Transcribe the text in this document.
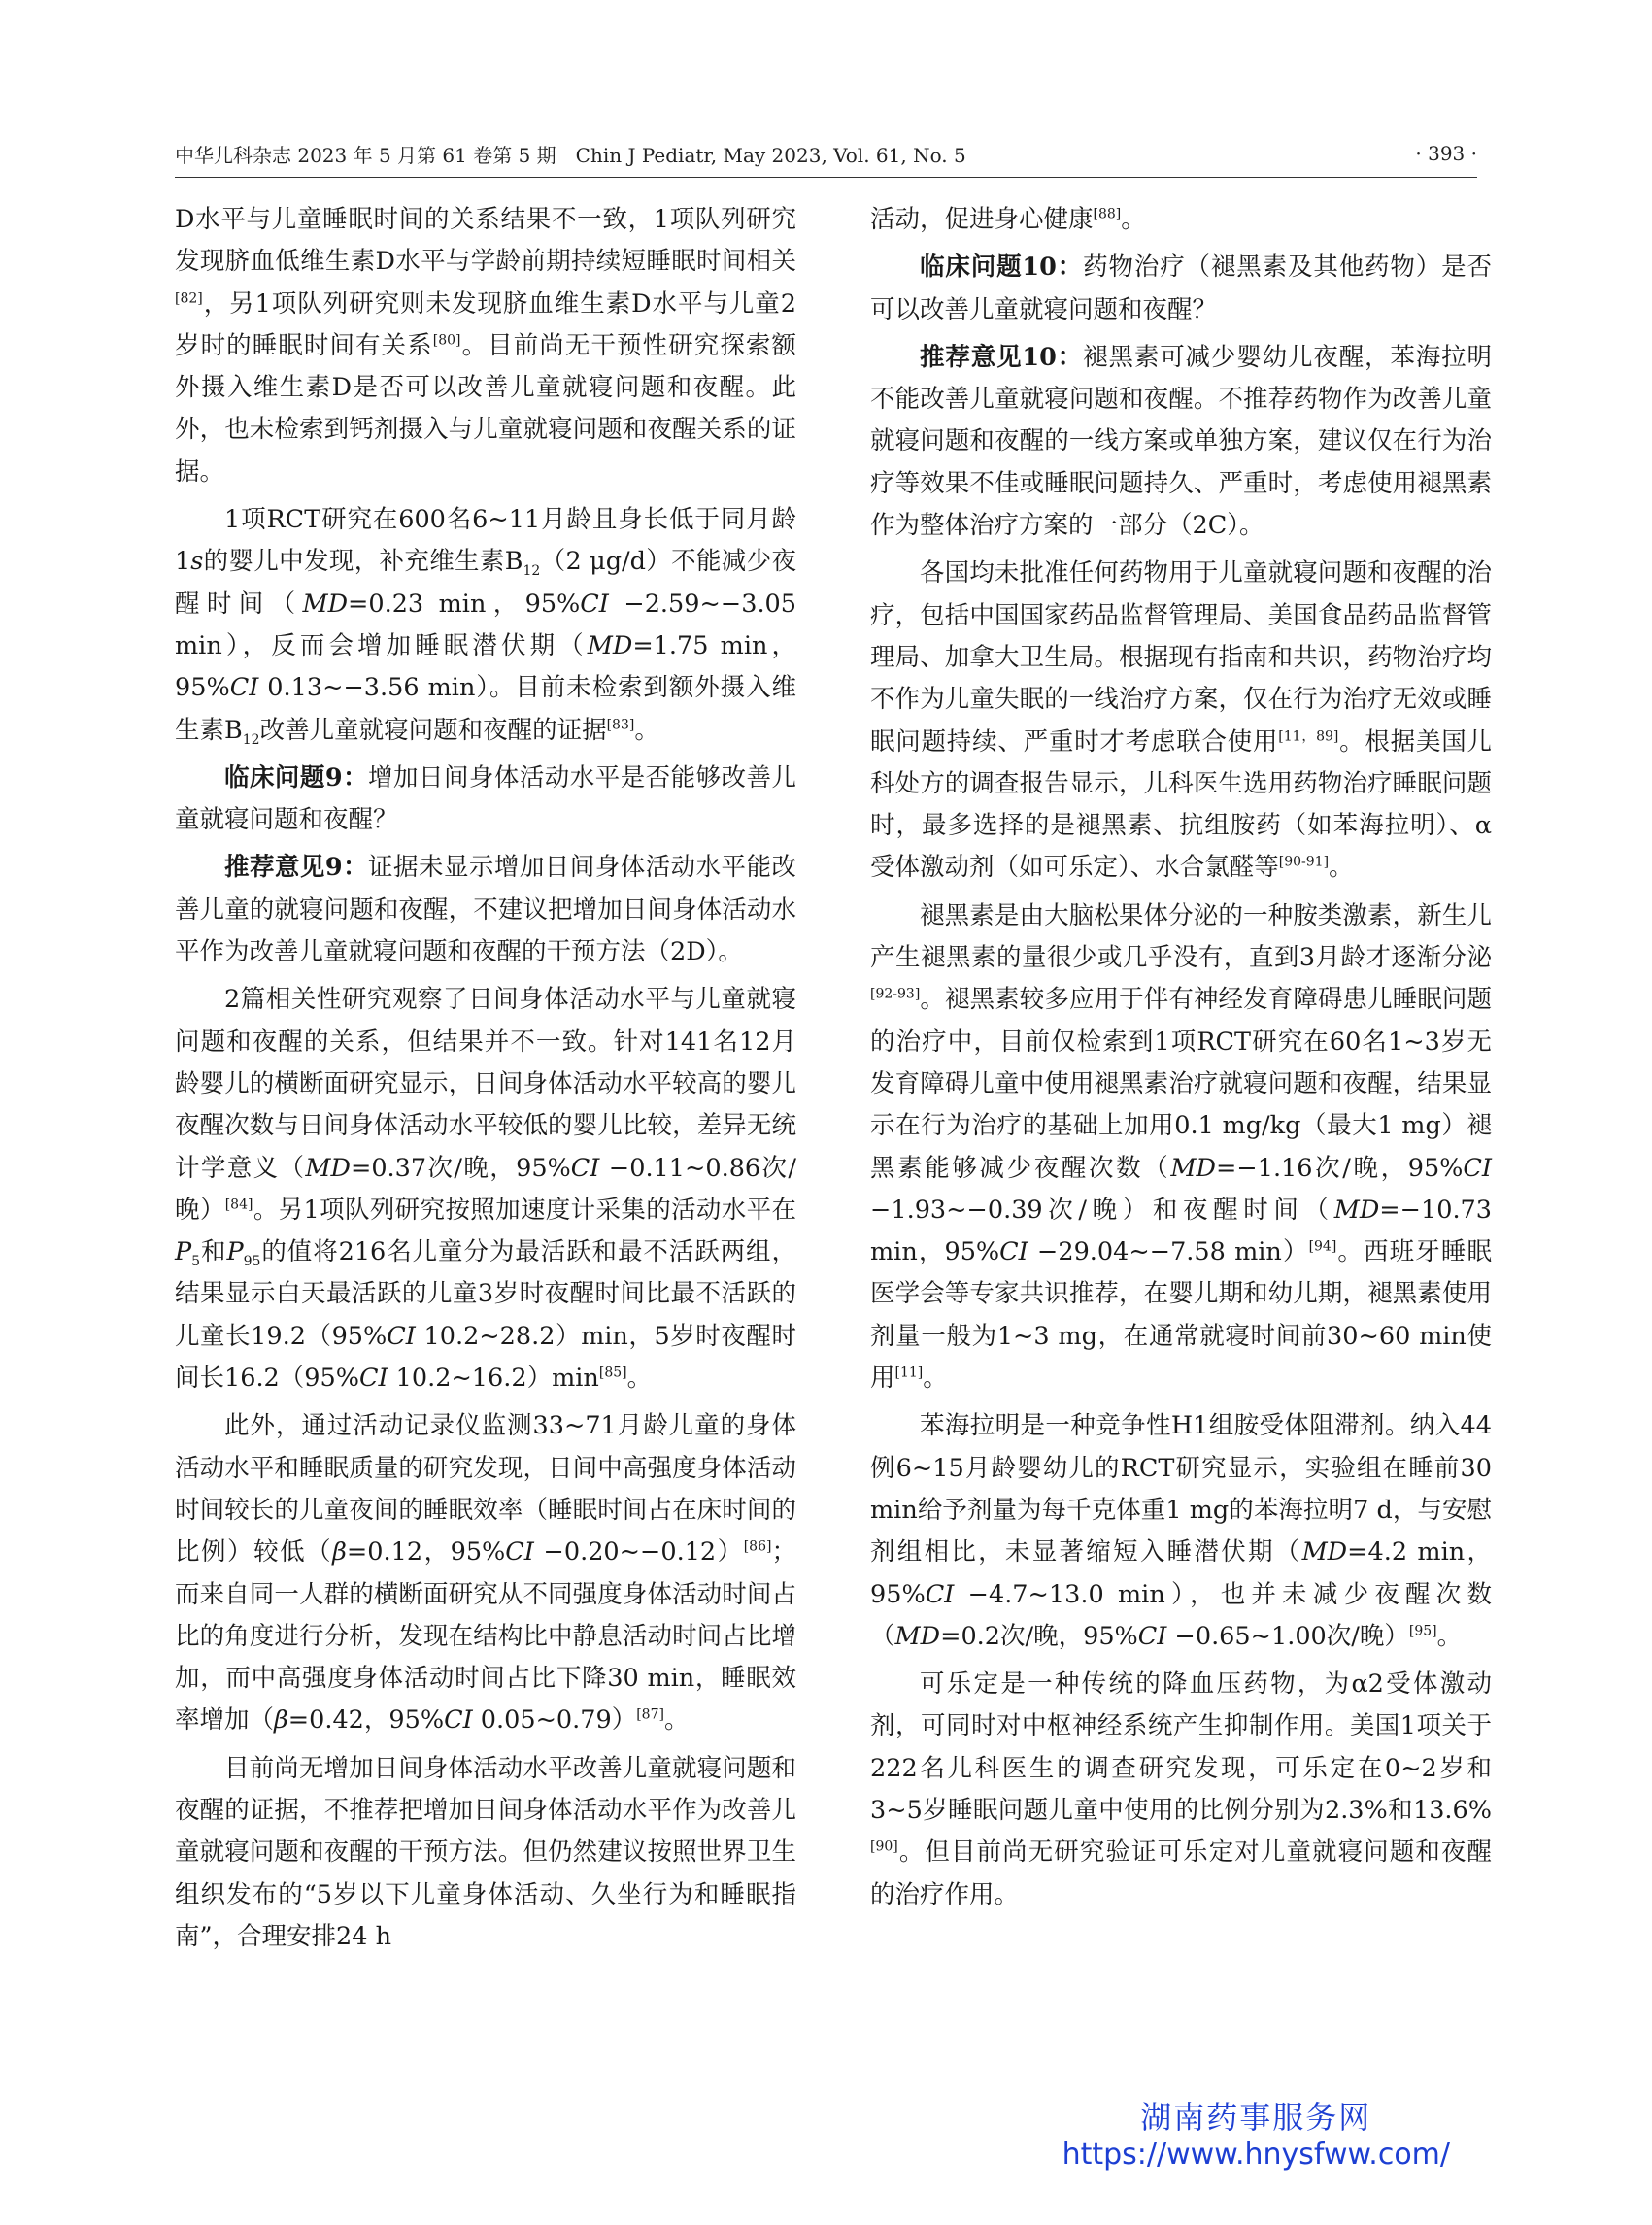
中华儿科杂志 2023 年 5 月第 61 卷第 5 期　Chin J Pediatr, May 2023, Vol. 61, No. 5	· 393 ·

D水平与儿童睡眠时间的关系结果不一致，1项队列研究发现脐血低维生素D水平与学龄前期持续短睡眠时间相关[82]，另1项队列研究则未发现脐血维生素D水平与儿童2岁时的睡眠时间有关系[80]。目前尚无干预性研究探索额外摄入维生素D是否可以改善儿童就寝问题和夜醒。此外，也未检索到钙剂摄入与儿童就寝问题和夜醒关系的证据。

1项RCT研究在600名6~11月龄且身长低于同月龄1s的婴儿中发现，补充维生素$B_{12}(2$ μg/d）不能减少夜醒时间（MD=0.23 min，95%CI −2.59~−3.05 min），反而会增加睡眠潜伏期（MD=1.75 min，95%CI 0.13~−3.56 min）。目前未检索到额外摄入维生素$B_{12}$改善儿童就寝问题和夜醒的证据[83]。

临床问题9：增加日间身体活动水平是否能够改善儿童就寝问题和夜醒？

推荐意见9：证据未显示增加日间身体活动水平能改善儿童的就寝问题和夜醒，不建议把增加日间身体活动水平作为改善儿童就寝问题和夜醒的干预方法（2D）。

2篇相关性研究观察了日间身体活动水平与儿童就寝问题和夜醒的关系，但结果并不一致。针对141名12月龄婴儿的横断面研究显示，日间身体活动水平较高的婴儿夜醒次数与日间身体活动水平较低的婴儿比较，差异无统计学意义（MD=0.37次/晚，95%CI −0.11~0.86次/晚）[84]。另1项队列研究按照加速度计采集的活动水平在$P_5$和$P_{95}$的值将216名儿童分为最活跃和最不活跃两组，结果显示白天最活跃的儿童3岁时夜醒时间比最不活跃的儿童长19.2（95%CI 10.2~28.2）min，5岁时夜醒时间长16.2（95%CI 10.2~16.2）min[85]。

此外，通过活动记录仪监测33~71月龄儿童的身体活动水平和睡眠质量的研究发现，日间中高强度身体活动时间较长的儿童夜间的睡眠效率（睡眠时间占在床时间的比例）较低（β=0.12，95%CI −0.20~−0.12）[86]；而来自同一人群的横断面研究从不同强度身体活动时间占比的角度进行分析，发现在结构比中静息活动时间占比增加，而中高强度身体活动时间占比下降30 min，睡眠效率增加（β=0.42，95%CI 0.05~0.79）[87]。

目前尚无增加日间身体活动水平改善儿童就寝问题和夜醒的证据，不推荐把增加日间身体活动水平作为改善儿童就寝问题和夜醒的干预方法。但仍然建议按照世界卫生组织发布的“5岁以下儿童身体活动、久坐行为和睡眠指南”，合理安排24 h

活动，促进身心健康[88]。

临床问题10：药物治疗（褪黑素及其他药物）是否可以改善儿童就寝问题和夜醒？

推荐意见10：褪黑素可减少婴幼儿夜醒，苯海拉明不能改善儿童就寝问题和夜醒。不推荐药物作为改善儿童就寝问题和夜醒的一线方案或单独方案，建议仅在行为治疗等效果不佳或睡眠问题持久、严重时，考虑使用褪黑素作为整体治疗方案的一部分（2C）。

各国均未批准任何药物用于儿童就寝问题和夜醒的治疗，包括中国国家药品监督管理局、美国食品药品监督管理局、加拿大卫生局。根据现有指南和共识，药物治疗均不作为儿童失眠的一线治疗方案，仅在行为治疗无效或睡眠问题持续、严重时才考虑联合使用[11，89]。根据美国儿科处方的调查报告显示，儿科医生选用药物治疗睡眠问题时，最多选择的是褪黑素、抗组胺药（如苯海拉明）、α受体激动剂（如可乐定）、水合氯醛等[90-91]。

褪黑素是由大脑松果体分泌的一种胺类激素，新生儿产生褪黑素的量很少或几乎没有，直到3月龄才逐渐分泌[92-93]。褪黑素较多应用于伴有神经发育障碍患儿睡眠问题的治疗中，目前仅检索到1项RCT研究在60名1~3岁无发育障碍儿童中使用褪黑素治疗就寝问题和夜醒，结果显示在行为治疗的基础上加用0.1 mg/kg（最大1 mg）褪黑素能够减少夜醒次数（MD=−1.16次/晚，95%CI −1.93~−0.39次/晚）和夜醒时间（MD=−10.73 min，95%CI −29.04~−7.58 min）[94]。西班牙睡眠医学会等专家共识推荐，在婴儿期和幼儿期，褪黑素使用剂量一般为1~3 mg，在通常就寝时间前30~60 min使用[11]。

苯海拉明是一种竞争性H1组胺受体阻滞剂。纳入44例6~15月龄婴幼儿的RCT研究显示，实验组在睡前30 min给予剂量为每千克体重1 mg的苯海拉明7 d，与安慰剂组相比，未显著缩短入睡潜伏期（MD=4.2 min，95%CI −4.7~13.0 min），也并未减少夜醒次数（MD=0.2次/晚，95%CI −0.65~1.00次/晚）[95]。

可乐定是一种传统的降血压药物，为α2受体激动剂，可同时对中枢神经系统产生抑制作用。美国1项关于222名儿科医生的调查研究发现，可乐定在0~2岁和3~5岁睡眠问题儿童中使用的比例分别为2.3%和13.6%[90]。但目前尚无研究验证可乐定对儿童就寝问题和夜醒的治疗作用。

湖南药事服务网
https://www.hnysfww.com/
